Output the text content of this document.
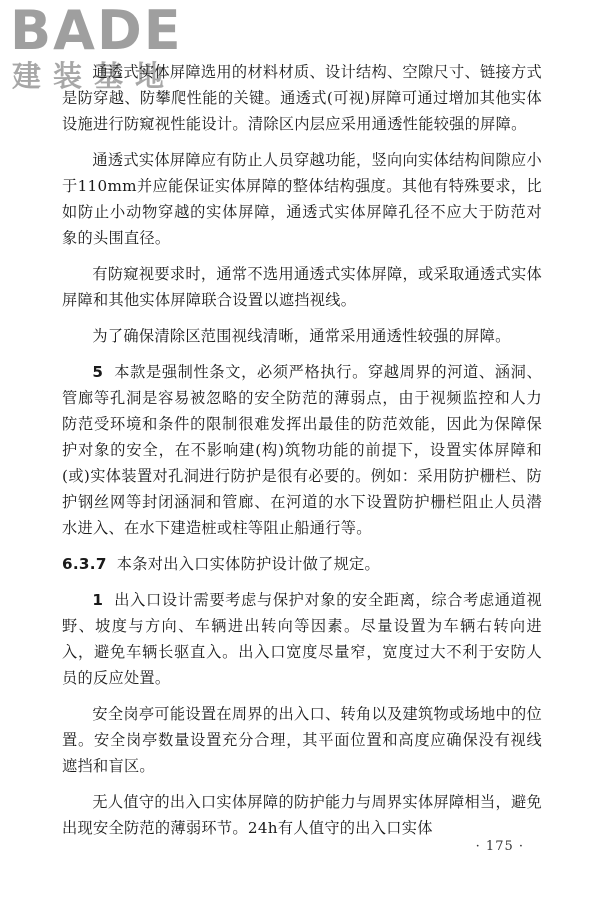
BADE
建装基地

通透式实体屏障选用的材料材质、设计结构、空隙尺寸、链接方式是防穿越、防攀爬性能的关键。通透式(可视)屏障可通过增加其他实体设施进行防窥视性能设计。清除区内层应采用通透性能较强的屏障。

通透式实体屏障应有防止人员穿越功能，竖向向实体结构间隙应小于110mm并应能保证实体屏障的整体结构强度。其他有特殊要求，比如防止小动物穿越的实体屏障，通透式实体屏障孔径不应大于防范对象的头围直径。

有防窥视要求时，通常不选用通透式实体屏障，或采取通透式实体屏障和其他实体屏障联合设置以遮挡视线。

为了确保清除区范围视线清晰，通常采用通透性较强的屏障。

5 本款是强制性条文，必须严格执行。穿越周界的河道、涵洞、管廊等孔洞是容易被忽略的安全防范的薄弱点，由于视频监控和人力防范受环境和条件的限制很难发挥出最佳的防范效能，因此为保障保护对象的安全，在不影响建(构)筑物功能的前提下，设置实体屏障和(或)实体装置对孔洞进行防护是很有必要的。例如：采用防护栅栏、防护钢丝网等封闭涵洞和管廊、在河道的水下设置防护栅栏阻止人员潜水进入、在水下建造桩或柱等阻止船通行等。

6.3.7 本条对出入口实体防护设计做了规定。

1 出入口设计需要考虑与保护对象的安全距离，综合考虑通道视野、坡度与方向、车辆进出转向等因素。尽量设置为车辆右转向进入，避免车辆长驱直入。出入口宽度尽量窄，宽度过大不利于安防人员的反应处置。

安全岗亭可能设置在周界的出入口、转角以及建筑物或场地中的位置。安全岗亭数量设置充分合理，其平面位置和高度应确保没有视线遮挡和盲区。

无人值守的出入口实体屏障的防护能力与周界实体屏障相当，避免出现安全防范的薄弱环节。24h有人值守的出入口实体

· 175 ·
